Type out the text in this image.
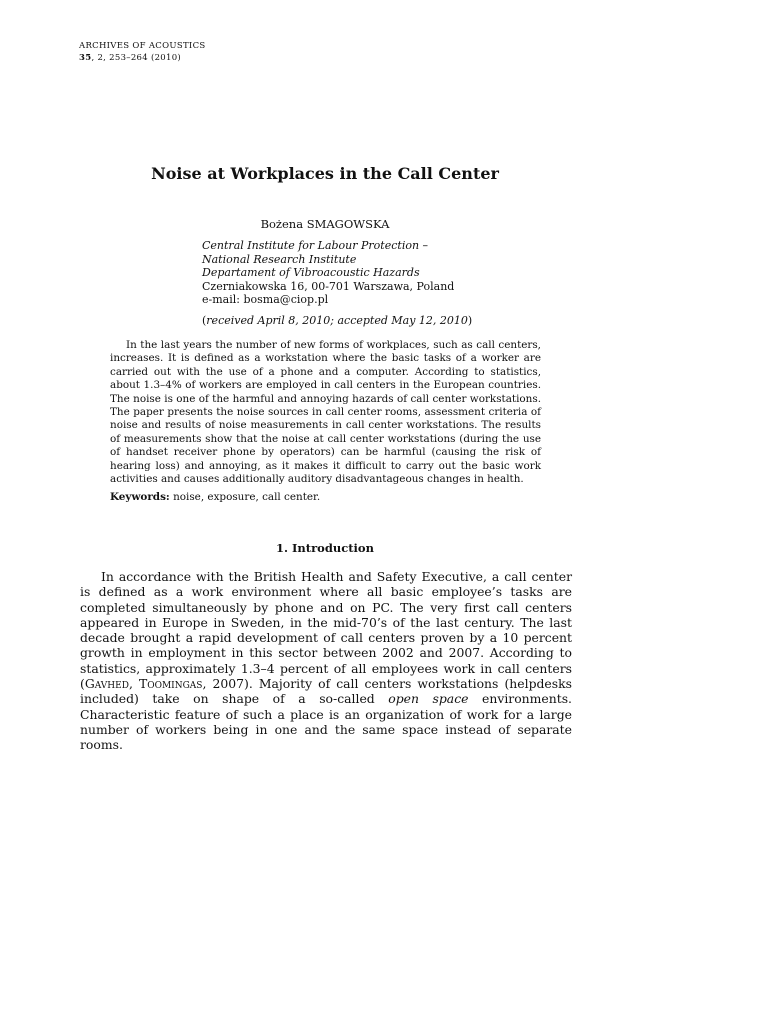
ARCHIVES OF ACOUSTICS
35, 2, 253–264 (2010)
Noise at Workplaces in the Call Center
Bożena SMAGOWSKA
Central Institute for Labour Protection –
National Research Institute
Departament of Vibroacoustic Hazards
Czerniakowska 16, 00-701 Warszawa, Poland
e-mail: bosma@ciop.pl
(received April 8, 2010; accepted May 12, 2010)
In the last years the number of new forms of workplaces, such as call centers, increases. It is defined as a workstation where the basic tasks of a worker are carried out with the use of a phone and a computer. According to statistics, about 1.3–4% of workers are employed in call centers in the European countries. The noise is one of the harmful and annoying hazards of call center workstations. The paper presents the noise sources in call center rooms, assessment criteria of noise and results of noise measurements in call center workstations. The results of measurements show that the noise at call center workstations (during the use of handset receiver phone by operators) can be harmful (causing the risk of hearing loss) and annoying, as it makes it difficult to carry out the basic work activities and causes additionally auditory disadvantageous changes in health.
Keywords: noise, exposure, call center.
1. Introduction
In accordance with the British Health and Safety Executive, a call center is defined as a work environment where all basic employee’s tasks are completed simultaneously by phone and on PC. The very first call centers appeared in Europe in Sweden, in the mid-70’s of the last century. The last decade brought a rapid development of call centers proven by a 10 percent growth in employment in this sector between 2002 and 2007. According to statistics, approximately 1.3–4 percent of all employees work in call centers (Gavhed, Toomingas, 2007). Majority of call centers workstations (helpdesks included) take on shape of a so-called open space environments. Characteristic feature of such a place is an organization of work for a large number of workers being in one and the same space instead of separate rooms.
